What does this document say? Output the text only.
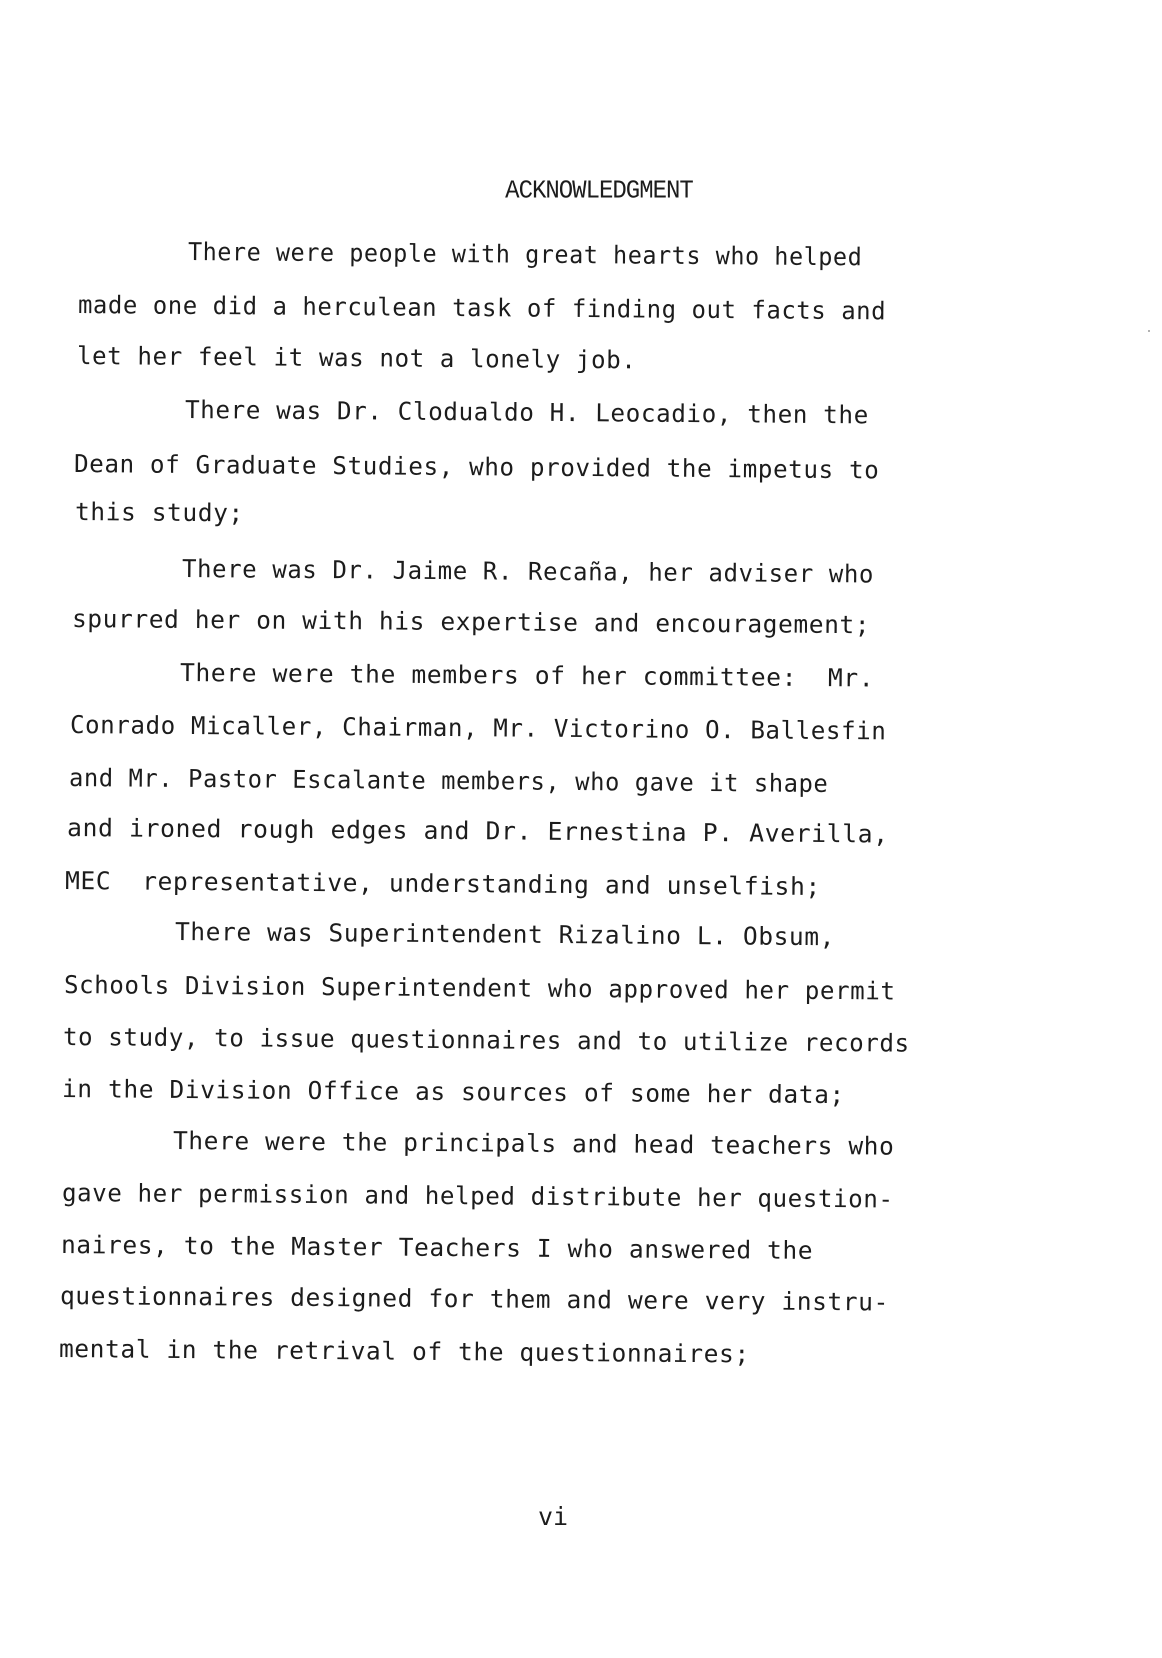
ACKNOWLEDGMENT
There were people with great hearts who helped
made one did a herculean task of finding out facts and
let her feel it was not a lonely job.
There was Dr. Clodualdo H. Leocadio, then the
Dean of Graduate Studies, who provided the impetus to
this study;
There was Dr. Jaime R. Recaña, her adviser who
spurred her on with his expertise and encouragement;
There were the members of her committee:  Mr.
Conrado Micaller, Chairman, Mr. Victorino O. Ballesfin
and Mr. Pastor Escalante members, who gave it shape
and ironed rough edges and Dr. Ernestina P. Averilla,
MEC  representative, understanding and unselfish;
There was Superintendent Rizalino L. Obsum,
Schools Division Superintendent who approved her permit
to study, to issue questionnaires and to utilize records
in the Division Office as sources of some her data;
There were the principals and head teachers who
gave her permission and helped distribute her question-
naires, to the Master Teachers I who answered the
questionnaires designed for them and were very instru-
mental in the retrival of the questionnaires;
vi
